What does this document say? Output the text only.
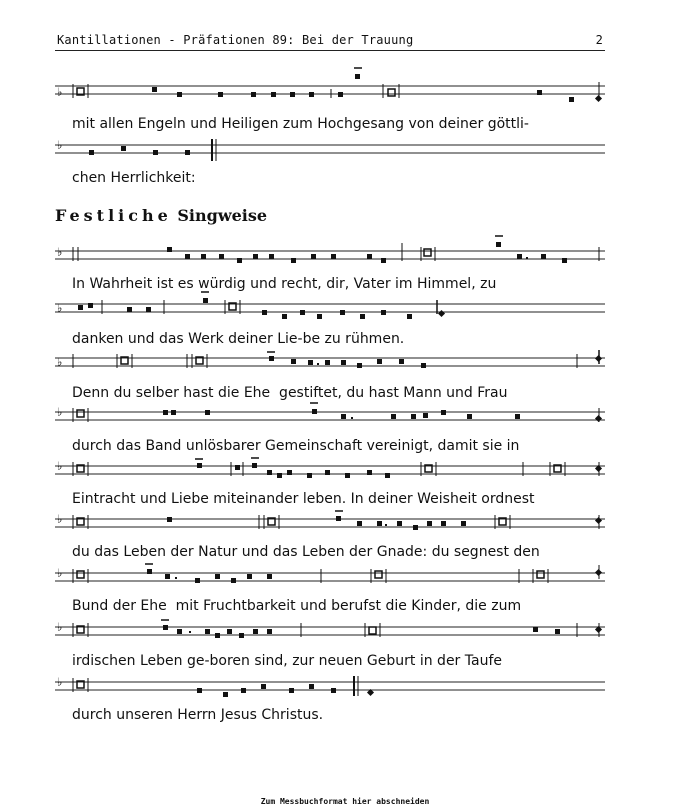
Kantillationen - Präfationen 89: Bei der Trauung	2
♭
mit allen Engeln und Heiligen zum Hochgesang von deiner göttli-
♭
chen Herrlichkeit:
Festliche Singweise
♭
In Wahrheit ist es würdig und recht, dir, Vater im Himmel, zu
♭
danken und das Werk deiner Lie-be zu rühmen.
♭
Denn du selber hast die Ehe  gestiftet, du hast Mann und Frau
♭
durch das Band unlösbarer Gemeinschaft vereinigt, damit sie in
♭
Eintracht und Liebe miteinander leben. In deiner Weisheit ordnest
♭
du das Leben der Natur und das Leben der Gnade: du segnest den
♭
Bund der Ehe  mit Fruchtbarkeit und berufst die Kinder, die zum
♭
irdischen Leben ge-boren sind, zur neuen Geburt in der Taufe
♭
durch unseren Herrn Jesus Christus.
Zum Messbuchformat hier abschneiden
